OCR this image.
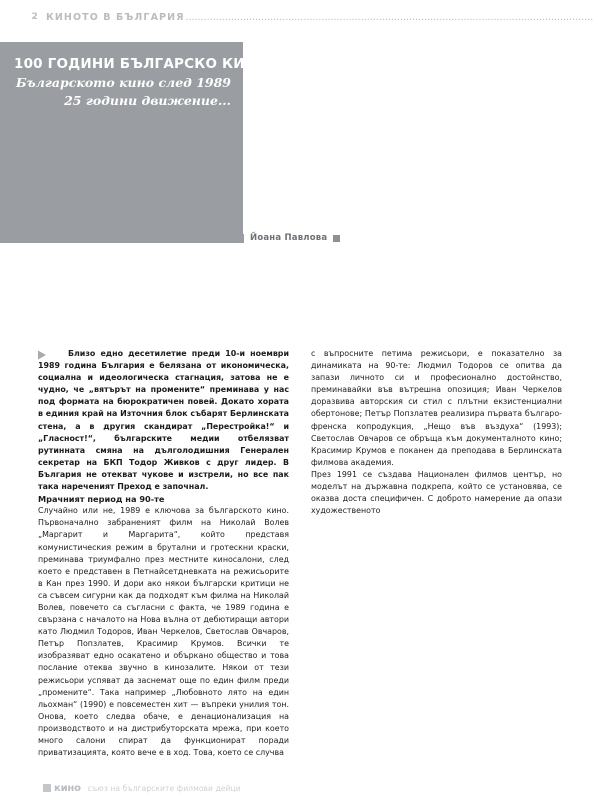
2 КИНОТО В БЪЛГАРИЯ .......................................................................................................................................
100 ГОДИНИ БЪЛГАРСКО КИНО
Българското кино след 1989
25 години движение...
Йоана Павлова

Близо едно десетилетие преди 10-и ноември 1989 година България е белязана от икономическа, социална и идеологическа стагнация, затова не е чудно, че „вятърът на промените“ преминава у нас под формата на бюрократичен повей. Докато хората в единия край на Източния блок събарят Берлинската стена, а в другия скандират „Перестройка!“ и „Гласност!“, българските медии отбелязват рутинната смяна на дълголодишния Генерален секретар на БКП Тодор Живков с друг лидер. В България не отекват чукове и изстрели, но все пак така нареченият Преход е започнал.

Мрачният период на 90-те

Случайно или не, 1989 е ключова за българското кино. Първоначално забраненият филм на Николай Волев „Маргарит и Маргарита“, който представя комунистическия режим в брутални и гротескни краски, преминава триумфално през местните киносалони, след което е представен в Петнайсетдневката на режисьорите в Кан през 1990. И дори ако някои български критици не са съвсем сигурни как да подходят към филма на Николай Волев, повечето са съгласни с факта, че 1989 година е свързана с началото на Нова вълна от дебютиращи автори като Людмил Тодоров, Иван Черкелов, Светослав Овчаров, Петър Попзлатев, Красимир Крумов. Всички те изобразяват едно осакатено и объркано общество и това послание отеква звучно в кинозалите. Някои от тези режисьори успяват да заснемат още по един филм преди „промените“. Така например „Любовното лято на един льохман“ (1990) е повсеместен хит — въпреки унилия тон. Онова, което следва обаче, е денационализация на производството и на дистрибуторската мрежа, при което много салони спират да функционират поради приватизацията, която вече е в ход. Това, което се случва

с въпросните петима режисьори, е показателно за динамиката на 90-те: Людмил Тодоров се опитва да запази личното си и професионално достойнство, преминавайки във вътрешна опозиция; Иван Черкелов доразвива авторския си стил с плътни екзистенциални обертонове; Петър Попзлатев реализира първата българо-френска копродукция, „Нещо във въздуха“ (1993); Светослав Овчаров се обръща към документалното кино; Красимир Крумов е поканен да преподава в Берлинската филмова академия.

През 1991 се създава Национален филмов център, но моделът на държавна подкрепа, който се установява, се оказва доста специфичен. С доброто намерение да опази художественото

кино съюз на българските филмови дейци
